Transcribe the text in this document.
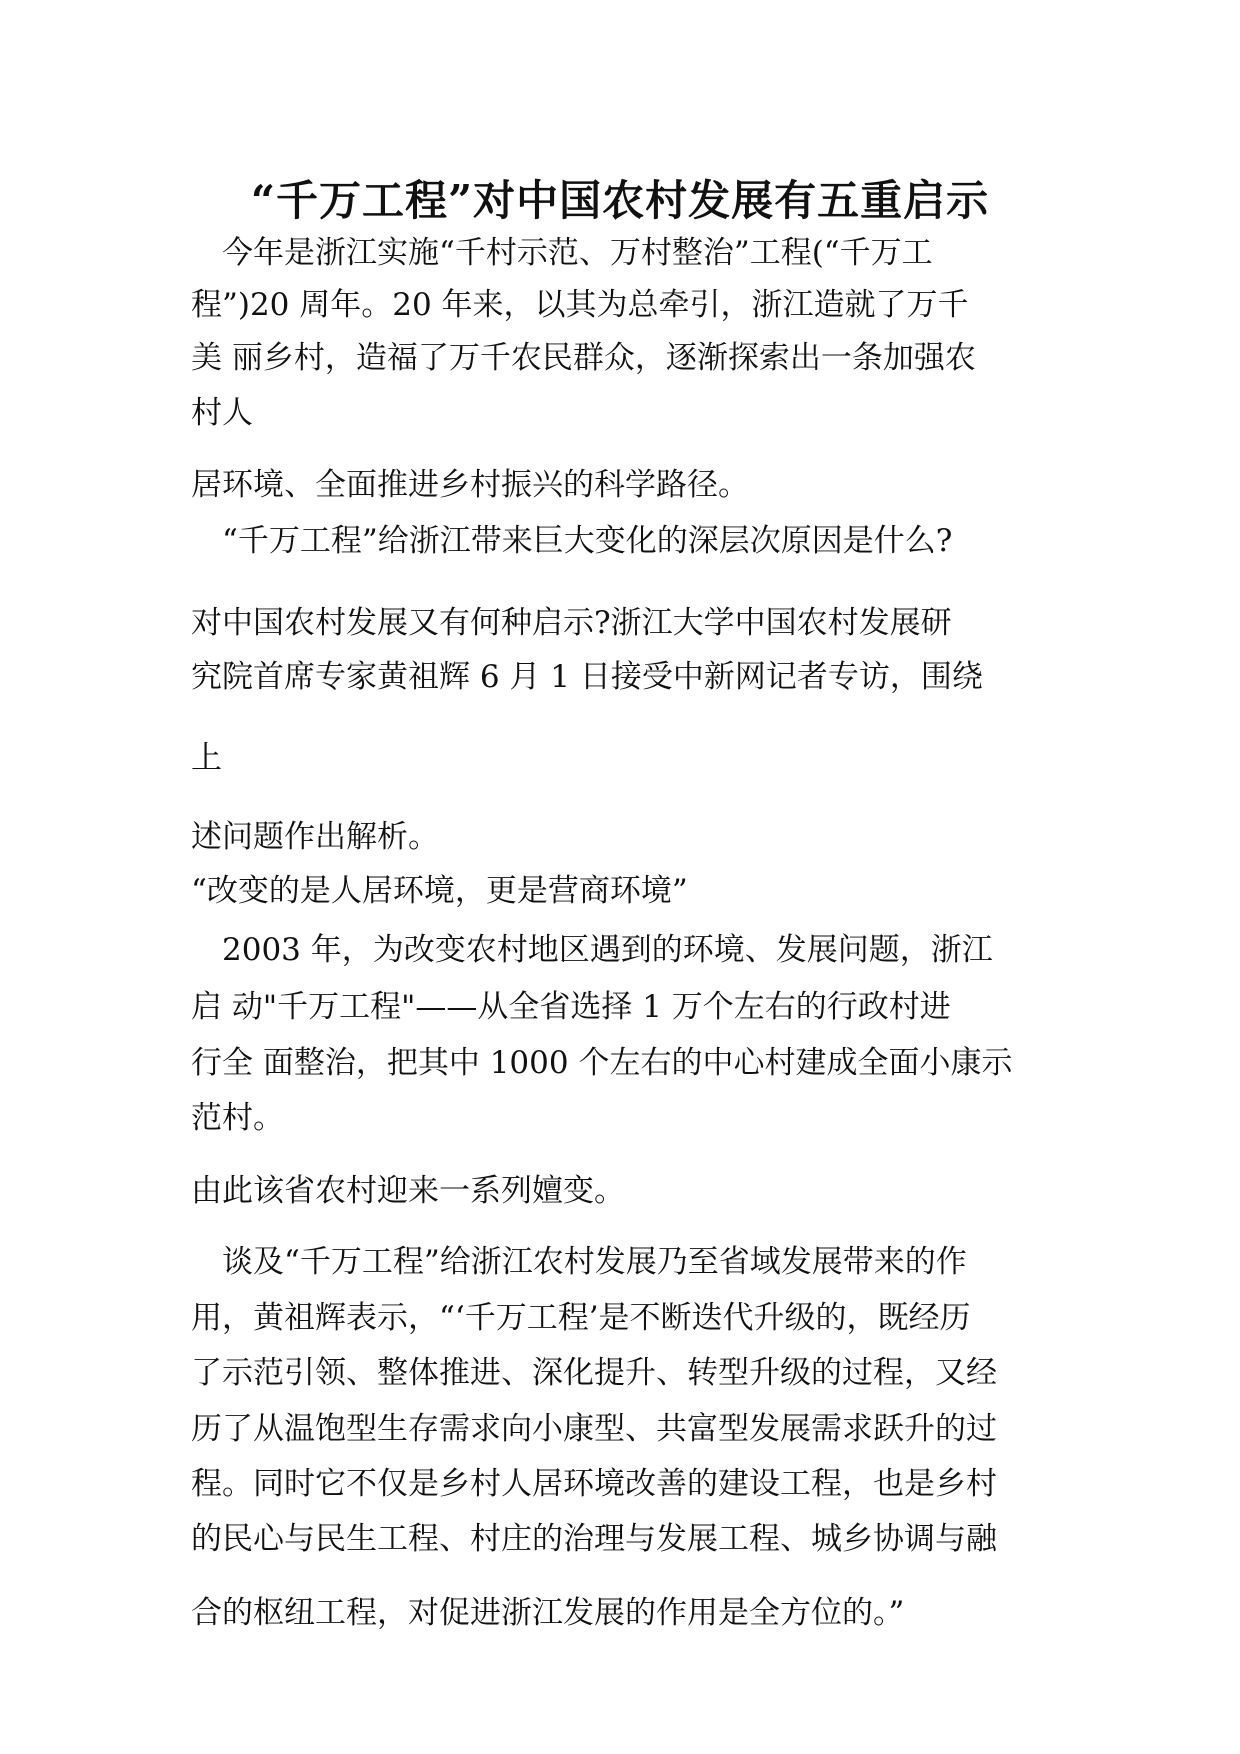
“千万工程”对中国农村发展有五重启示
今年是浙江实施“千村示范、万村整治”工程(“千万工
程”)20 周年。20 年来，以其为总牵引，浙江造就了万千
美 丽乡村，造福了万千农民群众，逐渐探索出一条加强农
村人
居环境、全面推进乡村振兴的科学路径。
“千万工程”给浙江带来巨大变化的深层次原因是什么?
对中国农村发展又有何种启示?浙江大学中国农村发展研
究院首席专家黄祖辉 6 月 1 日接受中新网记者专访，围绕
上
述问题作出解析。
“改变的是人居环境，更是营商环境”
2003 年，为改变农村地区遇到的环境、发展问题，浙江
启 动"千万工程"——从全省选择 1 万个左右的行政村进
行全 面整治，把其中 1000 个左右的中心村建成全面小康示
范村。
由此该省农村迎来一系列嬗变。
谈及“千万工程”给浙江农村发展乃至省域发展带来的作
用，黄祖辉表示，“‘千万工程’是不断迭代升级的，既经历
了示范引领、整体推进、深化提升、转型升级的过程，又经
历了从温饱型生存需求向小康型、共富型发展需求跃升的过
程。同时它不仅是乡村人居环境改善的建设工程，也是乡村
的民心与民生工程、村庄的治理与发展工程、城乡协调与融
合的枢纽工程，对促进浙江发展的作用是全方位的。”
